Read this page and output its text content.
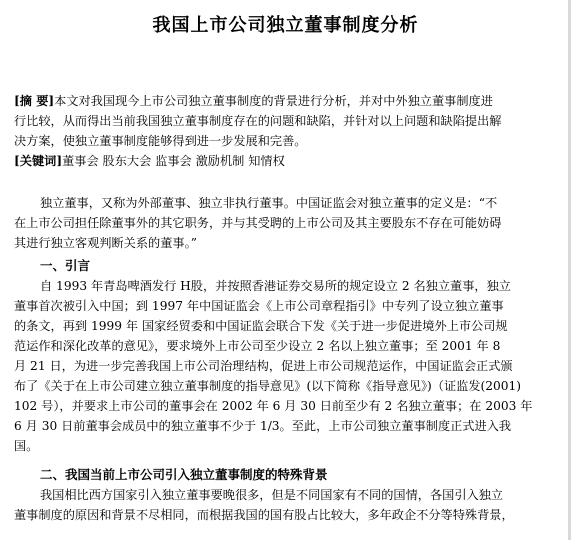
我国上市公司独立董事制度分析
[摘 要]本文对我国现今上市公司独立董事制度的背景进行分析，并对中外独立董事制度进
行比较，从而得出当前我国独立董事制度存在的问题和缺陷，并针对以上问题和缺陷提出解
决方案，使独立董事制度能够得到进一步发展和完善。
[关键词]董事会 股东大会 监事会 激励机制 知情权
独立董事，又称为外部董事、独立非执行董事。中国证监会对独立董事的定义是：“不
在上市公司担任除董事外的其它职务，并与其受聘的上市公司及其主要股东不存在可能妨碍
其进行独立客观判断关系的董事。”
一、引言
自 1993 年青岛啤酒发行 H股，并按照香港证券交易所的规定设立 2 名独立董事，独立
董事首次被引入中国；到 1997 年中国证监会《上市公司章程指引》中专列了设立独立董事
的条文，再到 1999 年 国家经贸委和中国证监会联合下发《关于进一步促进境外上市公司规
范运作和深化改革的意见》，要求境外上市公司至少设立 2 名以上独立董事；至 2001 年 8
月 21 日，为进一步完善我国上市公司治理结构，促进上市公司规范运作，中国证监会正式颁
布了《关于在上市公司建立独立董事制度的指导意见》(以下简称《指导意见》)（证监发(2001)
102 号），并要求上市公司的董事会在 2002 年 6 月 30 日前至少有 2 名独立董事；在 2003 年
6 月 30 日前董事会成员中的独立董事不少于 1/3。至此，上市公司独立董事制度正式进入我
国。
二、我国当前上市公司引入独立董事制度的特殊背景
我国相比西方国家引入独立董事要晚很多，但是不同国家有不同的国情，各国引入独立
董事制度的原因和背景不尽相同，而根据我国的国有股占比较大，多年政企不分等特殊背景，
